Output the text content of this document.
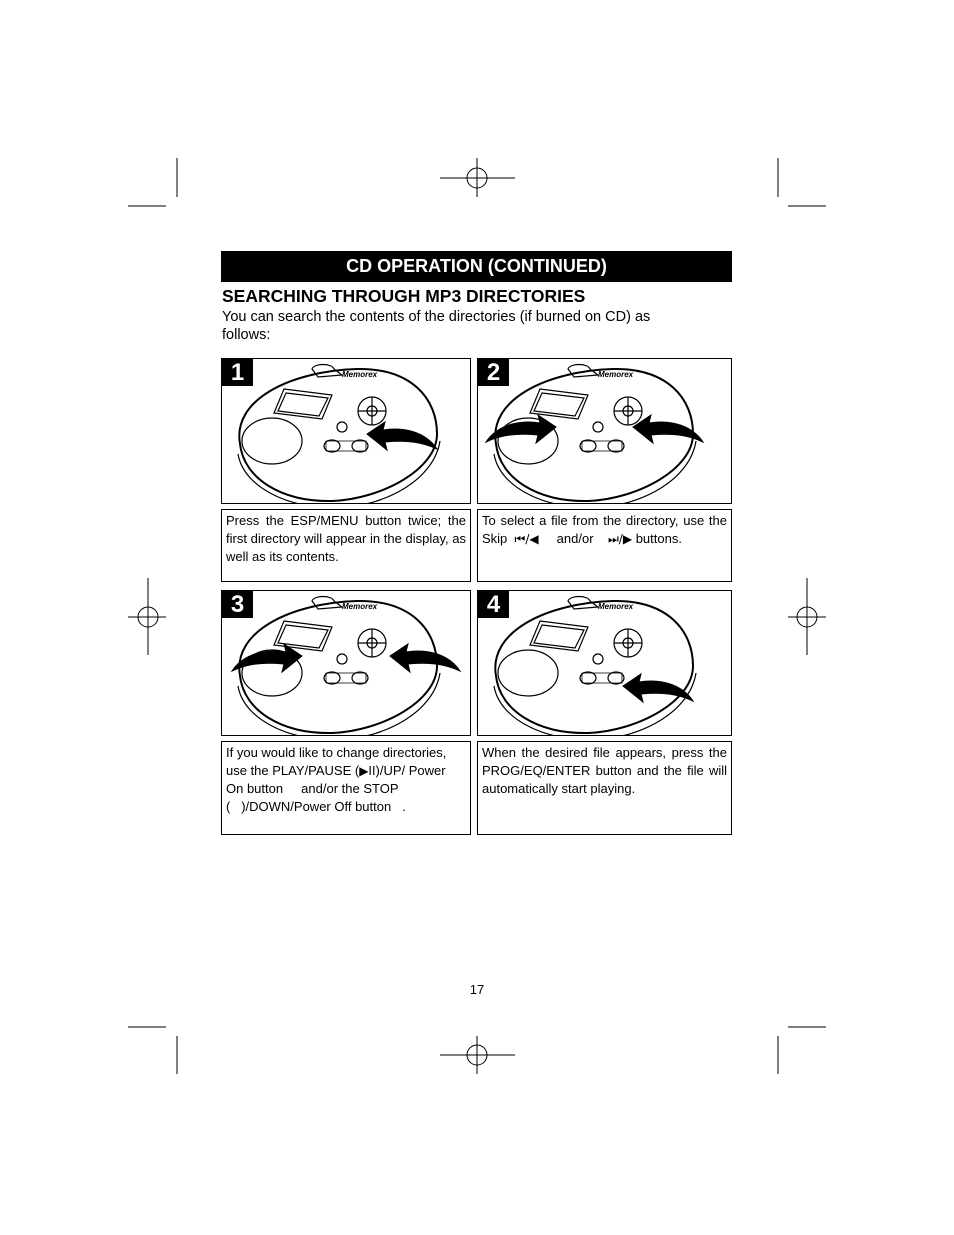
CD OPERATION (CONTINUED)
SEARCHING THROUGH MP3 DIRECTORIES
You can search the contents of the directories (if burned on CD) as
follows:
Memorex
1	Memorex
2
Memorex
3	Memorex
4
Press the ESP/MENU button twice; the first directory will appear in the display, as well as its contents.
To select a file from the directory, use the Skip ⏮/◀ and/or ⏭/▶ buttons.
If you would like to change directories, use the PLAY/PAUSE (▶II)/UP/ Power On button and/or the STOP ( )/DOWN/Power Off button .
When the desired file appears, press the PROG/EQ/ENTER button and the file will automatically start playing.
17
